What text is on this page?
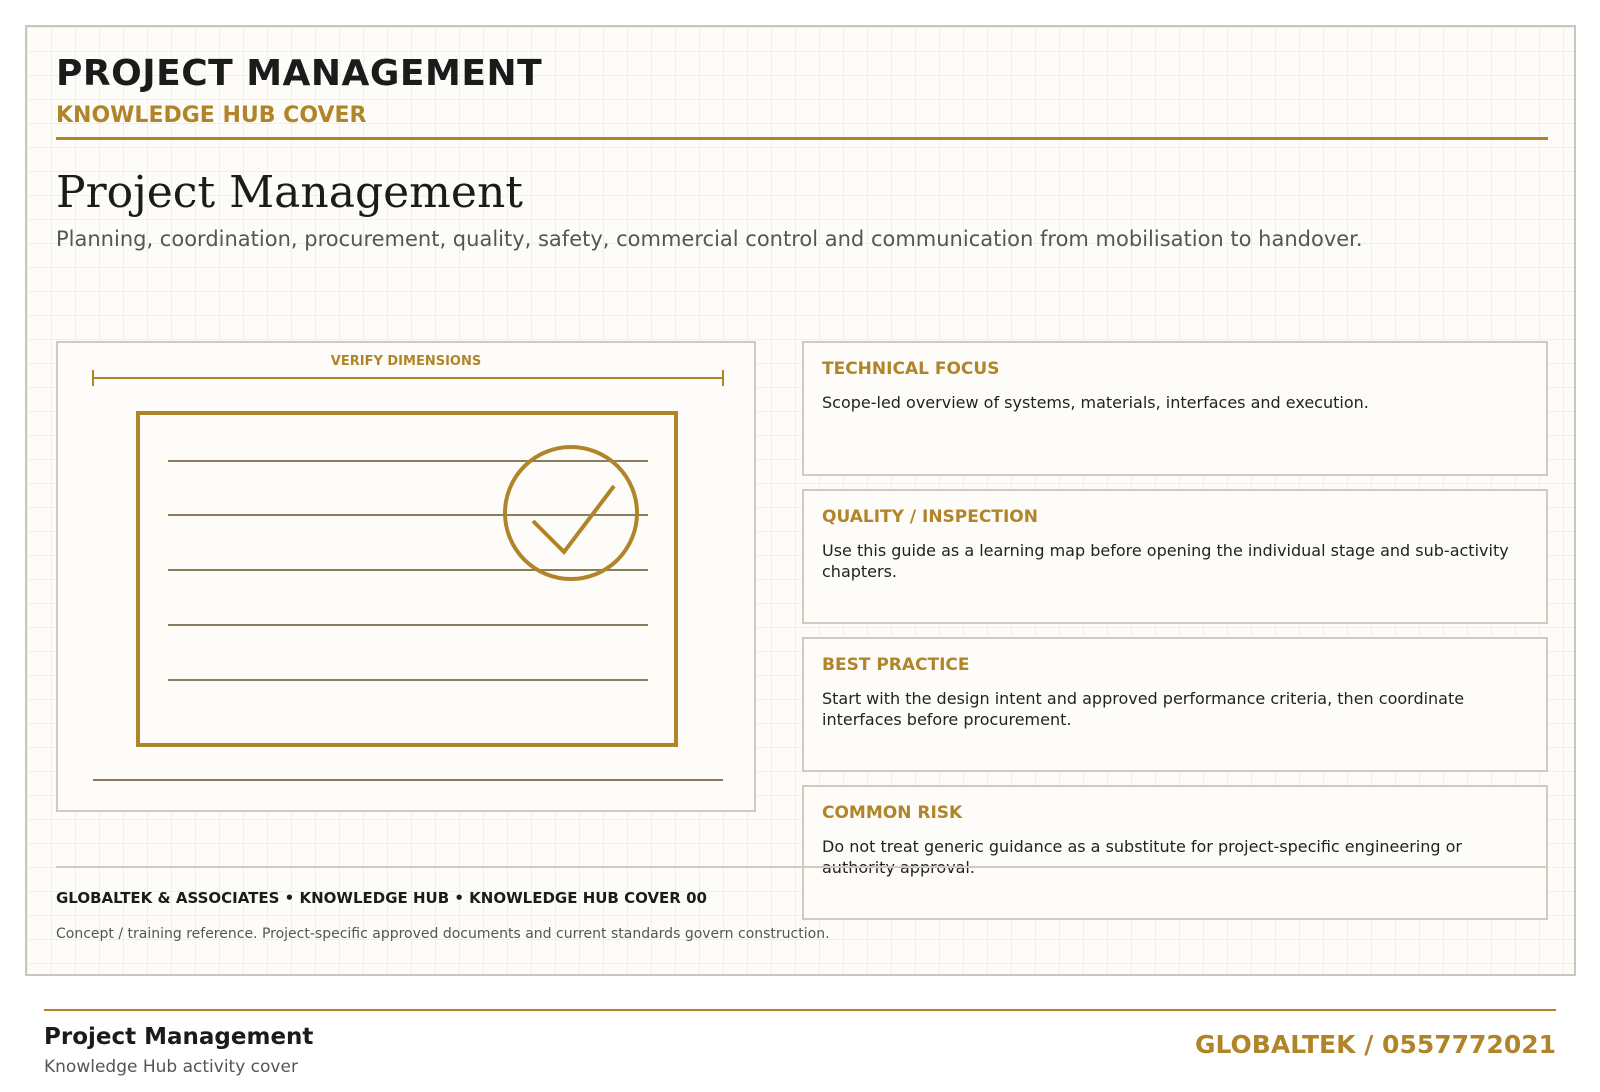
PROJECT MANAGEMENT
KNOWLEDGE HUB COVER
Project Management
Planning, coordination, procurement, quality, safety, commercial control and communication from mobilisation to handover.
VERIFY DIMENSIONS	TECHNICAL FOCUS
Scope-led overview of systems, materials, interfaces and execution.
QUALITY / INSPECTION
Use this guide as a learning map before opening the individual stage and sub-activity chapters.
BEST PRACTICE
Start with the design intent and approved performance criteria, then coordinate interfaces before procurement.
COMMON RISK
Do not treat generic guidance as a substitute for project-specific engineering or
GLOBALTEK & ASSOCIATES • KNOWLEDGE HUB • KNOWLEDGE HUB COVER 00
Concept / training reference. Project-specific approved documents and current standards govern construction.
Project Management
Knowledge Hub activity cover
GLOBALTEK / 0557772021
